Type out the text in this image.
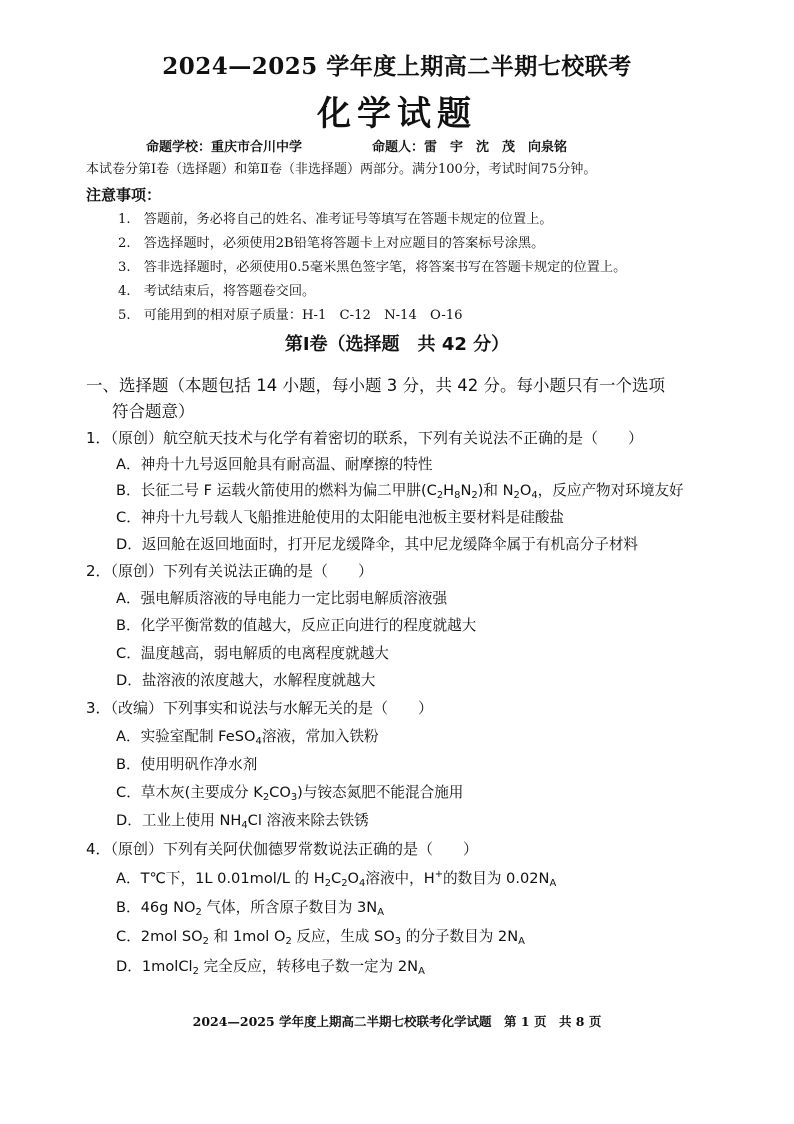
2024—2025 学年度上期高二半期七校联考
化学试题
命题学校：重庆市合川中学	命题人：雷　宇　沈　茂　向泉铭
本试卷分第Ⅰ卷（选择题）和第Ⅱ卷（非选择题）两部分。满分100分，考试时间75分钟。
注意事项：
1.　答题前，务必将自己的姓名、准考证号等填写在答题卡规定的位置上。
2.　答选择题时，必须使用2B铅笔将答题卡上对应题目的答案标号涂黑。
3.　答非选择题时，必须使用0.5毫米黑色签字笔，将答案书写在答题卡规定的位置上。
4.　考试结束后，将答题卷交回。
5.　可能用到的相对原子质量：H-1　C-12　N-14　O-16
第Ⅰ卷（选择题　共 42 分）
一、选择题（本题包括 14 小题，每小题 3 分，共 42 分。每小题只有一个选项
符合题意）
1．（原创）航空航天技术与化学有着密切的联系，下列有关说法不正确的是（　　）
A．神舟十九号返回舱具有耐高温、耐摩擦的特性
B．长征二号 F 运载火箭使用的燃料为偏二甲肼$(C_2H_8N_2)$和 $N_2O_4$，反应产物对环境友好
C．神舟十九号载人飞船推进舱使用的太阳能电池板主要材料是硅酸盐
D．返回舱在返回地面时，打开尼龙缓降伞，其中尼龙缓降伞属于有机高分子材料
2．（原创）下列有关说法正确的是（　　）
A．强电解质溶液的导电能力一定比弱电解质溶液强
B．化学平衡常数的值越大，反应正向进行的程度就越大
C．温度越高，弱电解质的电离程度就越大
D．盐溶液的浓度越大，水解程度就越大
3．（改编）下列事实和说法与水解无关的是（　　）
A．实验室配制 FeSO$_4$溶液，常加入铁粉
B．使用明矾作净水剂
C．草木灰(主要成分 $K_2CO_3$)与铵态氮肥不能混合施用
D．工业上使用 $NH_4Cl$ 溶液来除去铁锈
4．（原创）下列有关阿伏伽德罗常数说法正确的是（　　）
A．T℃下，1L 0.01mol/L 的 $H_2C_2O_4$溶液中，H+的数目为 $0.02N_A$
B．46g $NO_2$ 气体，所含原子数目为 $3N_A$
C．2mol $SO_2$ 和 1mol $O_2$ 反应，生成 $SO_3$ 的分子数目为 $2N_A$
D．1molCl$_2$ 完全反应，转移电子数一定为 $2N_A$
2024—2025 学年度上期高二半期七校联考化学试题　第 1 页　共 8 页
